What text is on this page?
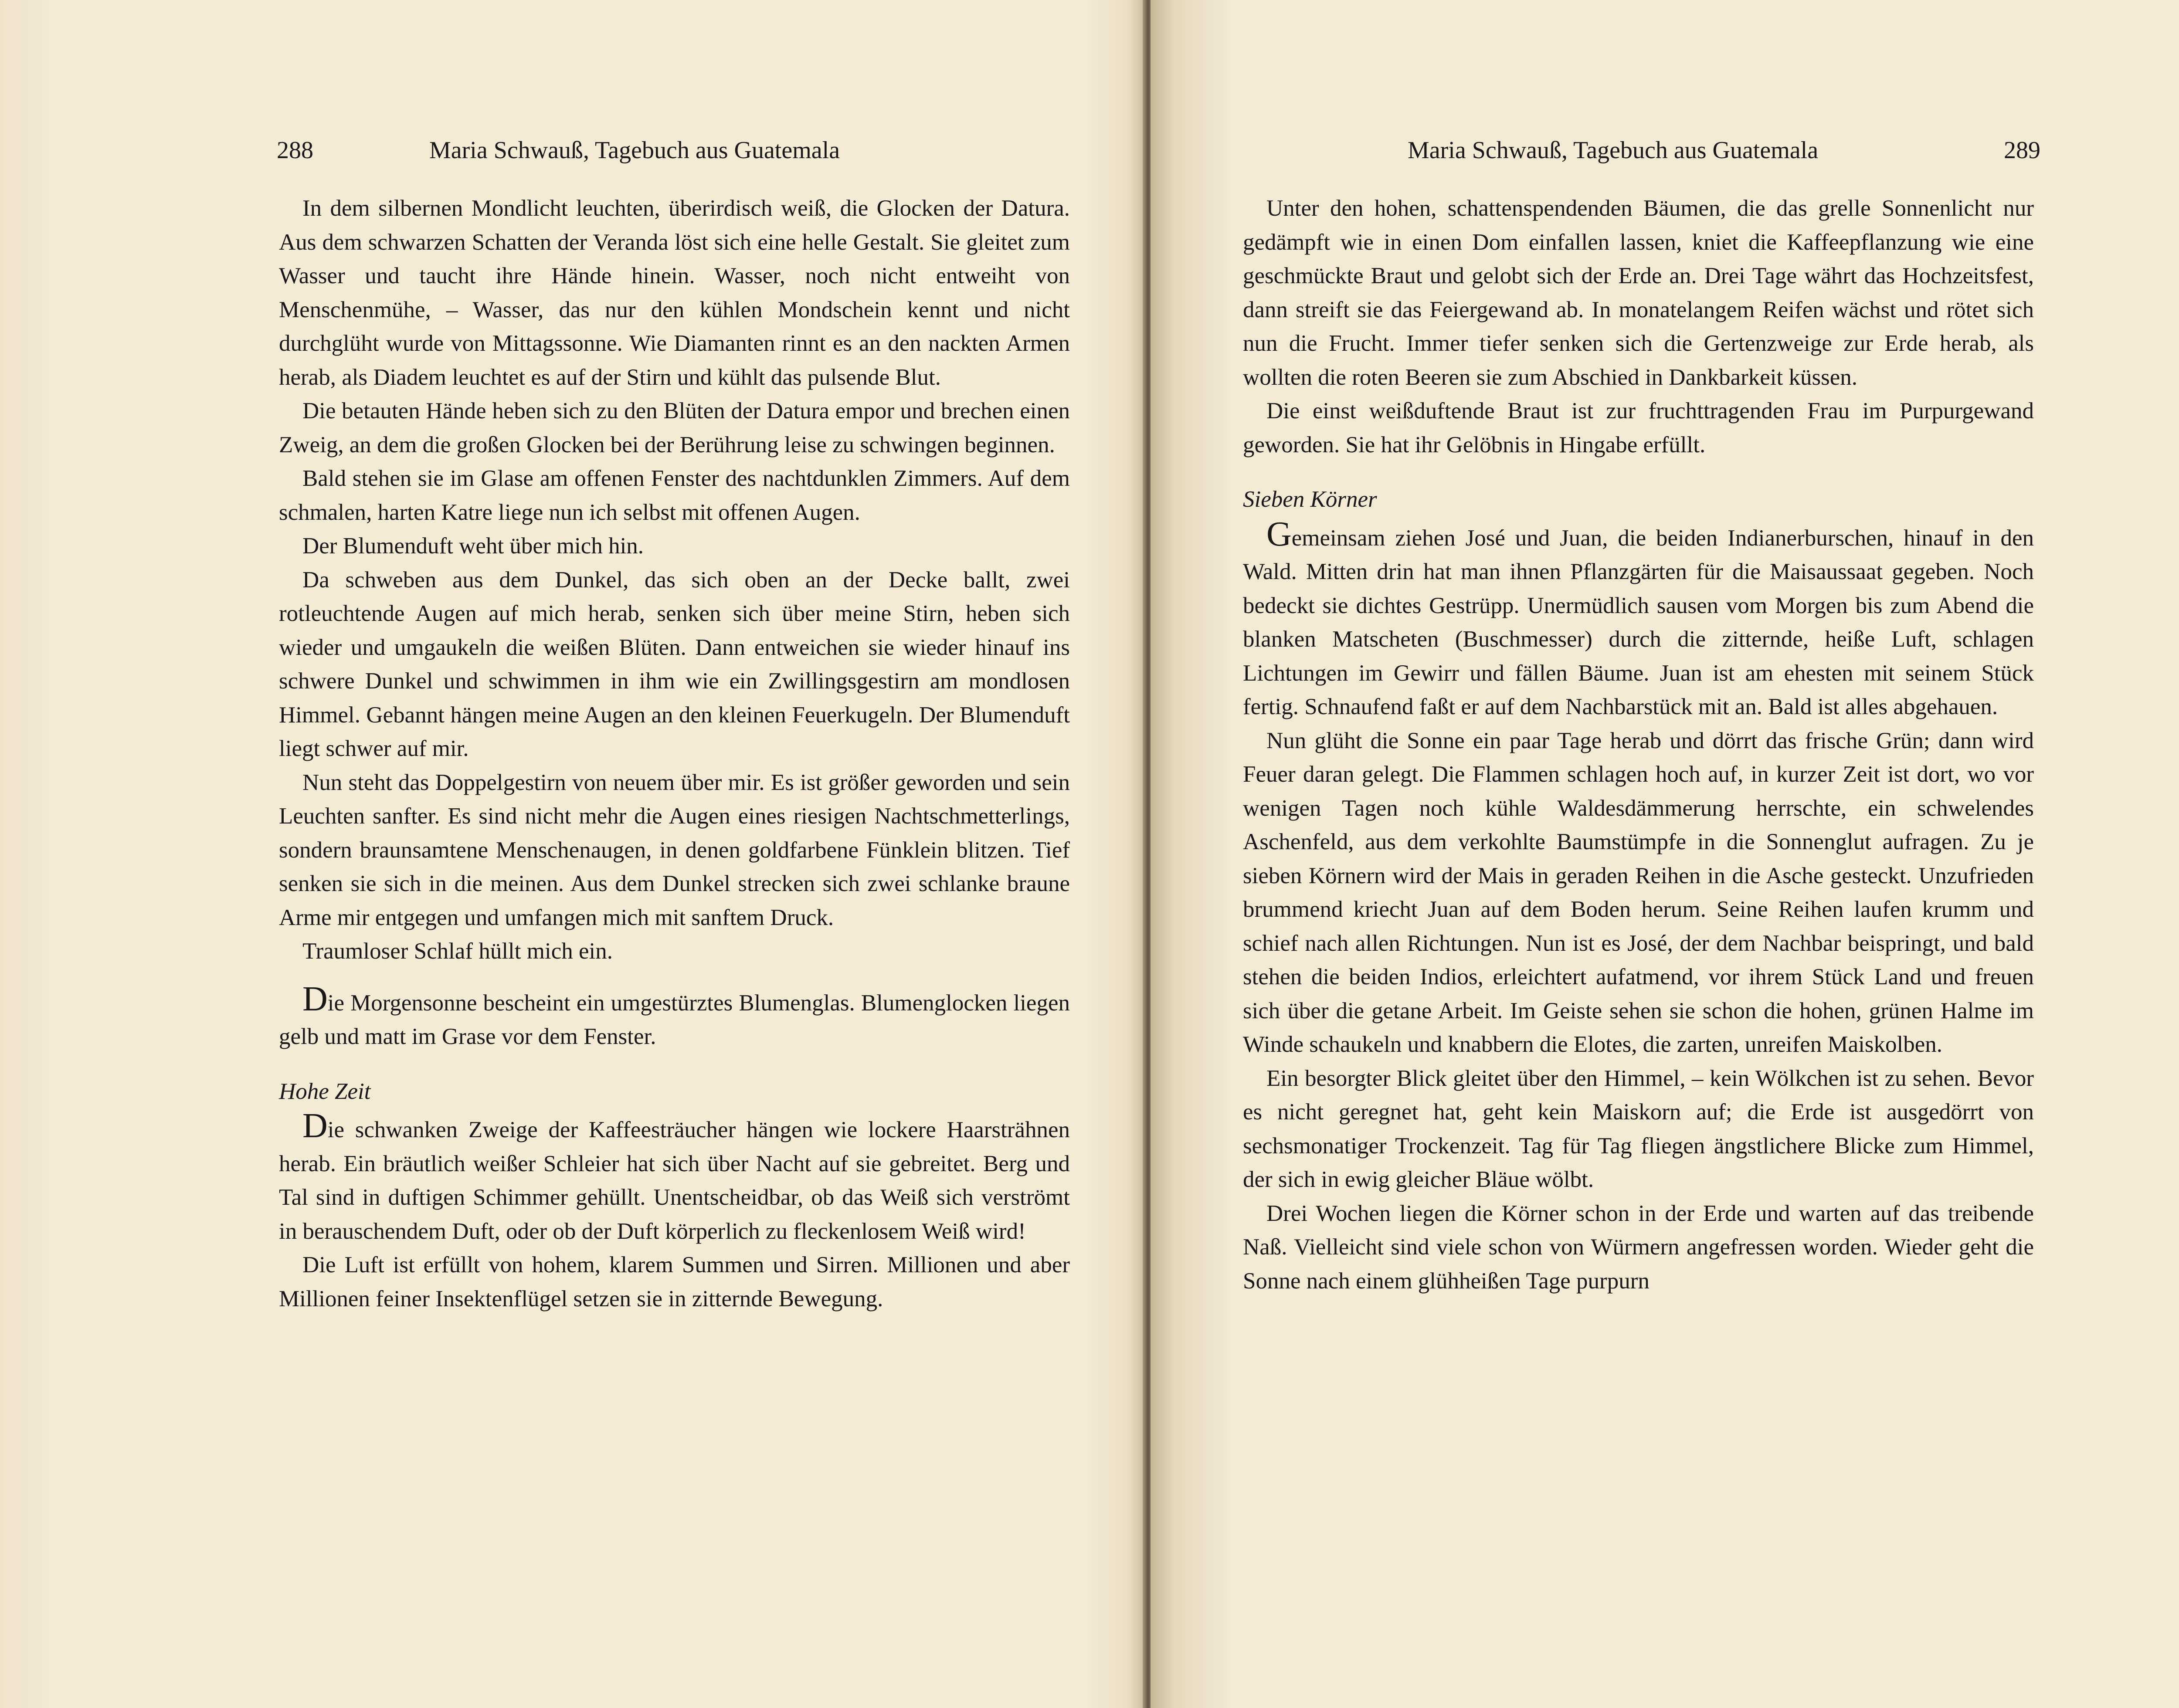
288	Maria Schwauß, Tagebuch aus Guatemala

In dem silbernen Mondlicht leuchten, überirdisch weiß, die Glocken der Datura. Aus dem schwarzen Schatten der Veranda löst sich eine helle Gestalt. Sie gleitet zum Wasser und taucht ihre Hände hinein. Wasser, noch nicht entweiht von Menschenmühe, – Wasser, das nur den kühlen Mondschein kennt und nicht durchglüht wurde von Mittagssonne. Wie Diamanten rinnt es an den nackten Armen herab, als Diadem leuchtet es auf der Stirn und kühlt das pulsende Blut.

Die betauten Hände heben sich zu den Blüten der Datura empor und brechen einen Zweig, an dem die großen Glocken bei der Berührung leise zu schwingen beginnen.

Bald stehen sie im Glase am offenen Fenster des nachtdunklen Zimmers. Auf dem schmalen, harten Katre liege nun ich selbst mit offenen Augen.

Der Blumenduft weht über mich hin.

Da schweben aus dem Dunkel, das sich oben an der Decke ballt, zwei rotleuchtende Augen auf mich herab, senken sich über meine Stirn, heben sich wieder und umgaukeln die weißen Blüten. Dann entweichen sie wieder hinauf ins schwere Dunkel und schwimmen in ihm wie ein Zwillingsgestirn am mondlosen Himmel. Gebannt hängen meine Augen an den kleinen Feuerkugeln. Der Blumenduft liegt schwer auf mir.

Nun steht das Doppelgestirn von neuem über mir. Es ist größer geworden und sein Leuchten sanfter. Es sind nicht mehr die Augen eines riesigen Nachtschmetterlings, sondern braunsamtene Menschenaugen, in denen goldfarbene Fünklein blitzen. Tief senken sie sich in die meinen. Aus dem Dunkel strecken sich zwei schlanke braune Arme mir entgegen und umfangen mich mit sanftem Druck.

Traumloser Schlaf hüllt mich ein.

Die Morgensonne bescheint ein umgestürztes Blumenglas. Blumenglocken liegen gelb und matt im Grase vor dem Fenster.

Hohe Zeit

Die schwanken Zweige der Kaffeesträucher hängen wie lockere Haarsträhnen herab. Ein bräutlich weißer Schleier hat sich über Nacht auf sie gebreitet. Berg und Tal sind in duftigen Schimmer gehüllt. Unentscheidbar, ob das Weiß sich verströmt in berauschendem Duft, oder ob der Duft körperlich zu fleckenlosem Weiß wird!

Die Luft ist erfüllt von hohem, klarem Summen und Sirren. Millionen und aber Millionen feiner Insektenflügel setzen sie in zitternde Bewegung.

Maria Schwauß, Tagebuch aus Guatemala	289

Unter den hohen, schattenspendenden Bäumen, die das grelle Sonnenlicht nur gedämpft wie in einen Dom einfallen lassen, kniet die Kaffeepflanzung wie eine geschmückte Braut und gelobt sich der Erde an. Drei Tage währt das Hochzeitsfest, dann streift sie das Feiergewand ab. In monatelangem Reifen wächst und rötet sich nun die Frucht. Immer tiefer senken sich die Gertenzweige zur Erde herab, als wollten die roten Beeren sie zum Abschied in Dankbarkeit küssen.

Die einst weißduftende Braut ist zur fruchttragenden Frau im Purpurgewand geworden. Sie hat ihr Gelöbnis in Hingabe erfüllt.

Sieben Körner

Gemeinsam ziehen José und Juan, die beiden Indianerburschen, hinauf in den Wald. Mitten drin hat man ihnen Pflanzgärten für die Maisaussaat gegeben. Noch bedeckt sie dichtes Gestrüpp. Unermüdlich sausen vom Morgen bis zum Abend die blanken Matscheten (Buschmesser) durch die zitternde, heiße Luft, schlagen Lichtungen im Gewirr und fällen Bäume. Juan ist am ehesten mit seinem Stück fertig. Schnaufend faßt er auf dem Nachbarstück mit an. Bald ist alles abgehauen.

Nun glüht die Sonne ein paar Tage herab und dörrt das frische Grün; dann wird Feuer daran gelegt. Die Flammen schlagen hoch auf, in kurzer Zeit ist dort, wo vor wenigen Tagen noch kühle Waldesdämmerung herrschte, ein schwelendes Aschenfeld, aus dem verkohlte Baumstümpfe in die Sonnenglut aufragen. Zu je sieben Körnern wird der Mais in geraden Reihen in die Asche gesteckt. Unzufrieden brummend kriecht Juan auf dem Boden herum. Seine Reihen laufen krumm und schief nach allen Richtungen. Nun ist es José, der dem Nachbar beispringt, und bald stehen die beiden Indios, erleichtert aufatmend, vor ihrem Stück Land und freuen sich über die getane Arbeit. Im Geiste sehen sie schon die hohen, grünen Halme im Winde schaukeln und knabbern die Elotes, die zarten, unreifen Maiskolben.

Ein besorgter Blick gleitet über den Himmel, – kein Wölkchen ist zu sehen. Bevor es nicht geregnet hat, geht kein Maiskorn auf; die Erde ist ausgedörrt von sechsmonatiger Trockenzeit. Tag für Tag fliegen ängstlichere Blicke zum Himmel, der sich in ewig gleicher Bläue wölbt.

Drei Wochen liegen die Körner schon in der Erde und warten auf das treibende Naß. Vielleicht sind viele schon von Würmern angefressen worden. Wieder geht die Sonne nach einem glühheißen Tage purpurn
